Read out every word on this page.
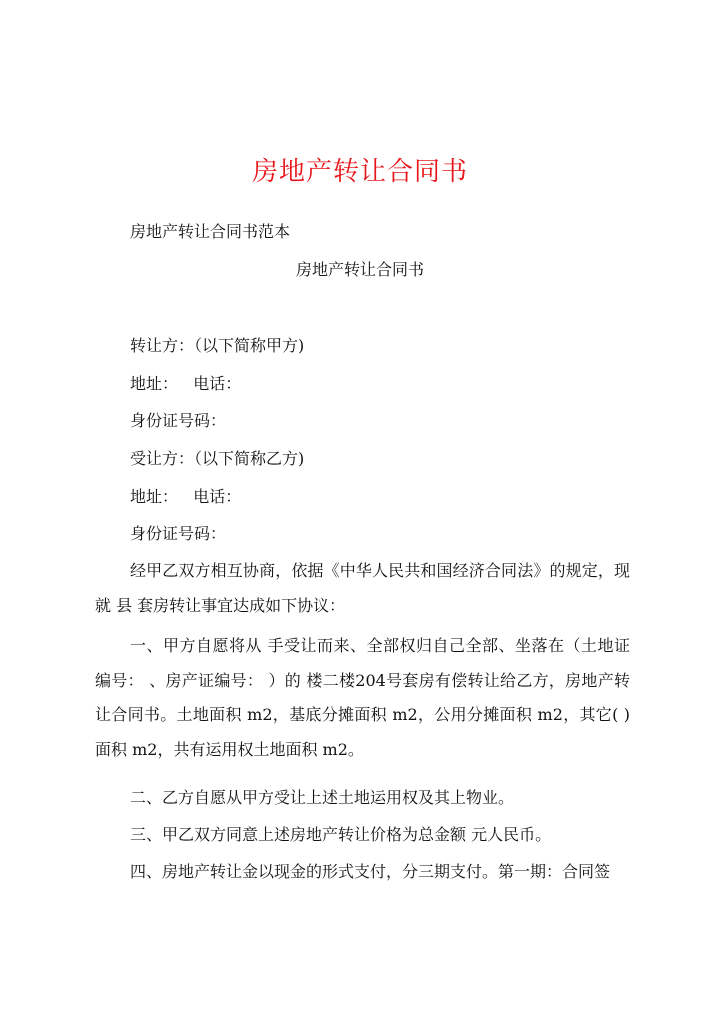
房地产转让合同书
房地产转让合同书范本
房地产转让合同书
转让方：（以下简称甲方)
地址：   电话：
身份证号码：
受让方：（以下简称乙方)
地址：   电话：
身份证号码：
经甲乙双方相互协商，依据《中华人民共和国经济合同法》的规定，现就 县 套房转让事宜达成如下协议：
一、甲方自愿将从 手受让而来、全部权归自己全部、坐落在（土地证编号： 、房产证编号： ）的 楼二楼204号套房有偿转让给乙方，房地产转让合同书。土地面积 m2，基底分摊面积 m2，公用分摊面积 m2，其它( )面积 m2，共有运用权土地面积 m2。
二、乙方自愿从甲方受让上述土地运用权及其上物业。
三、甲乙双方同意上述房地产转让价格为总金额 元人民币。
四、房地产转让金以现金的形式支付，分三期支付。第一期：合同签
